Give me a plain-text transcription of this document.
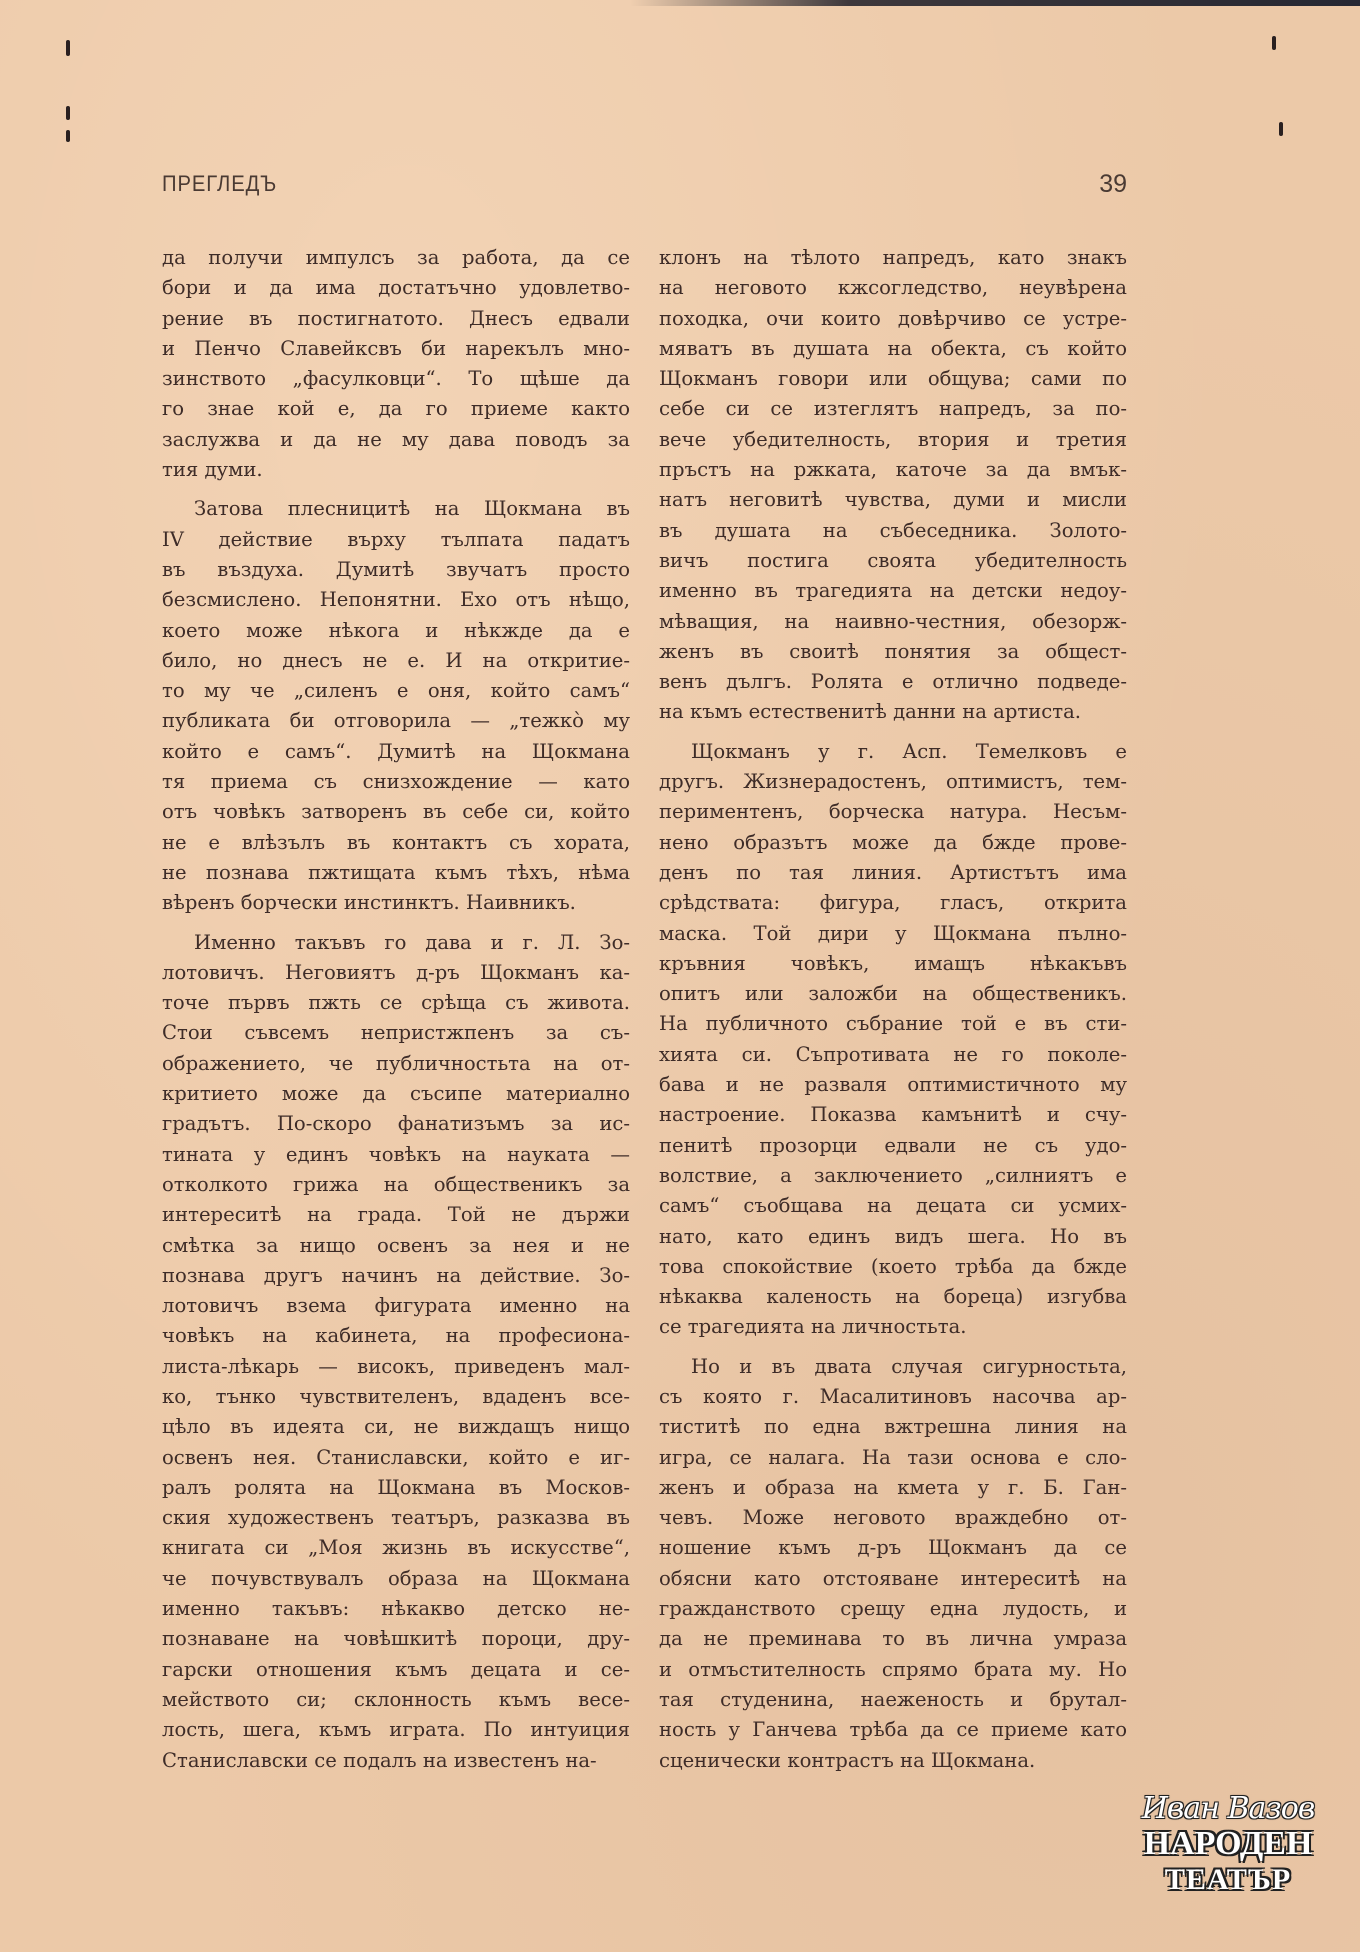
ПРЕГЛЕДЪ	39
да получи импулсъ за работа, да се
бори и да има достатъчно удовлетво-
рение въ постигнатото. Днесъ едвали
и Пенчо Славейксвъ би нарекълъ мно-
зинството „фасулковци“. То щѣше да
го знае кой е, да го приеме както
заслужва и да не му дава поводъ за
тия думи.
Затова плесницитѣ на Щокмана въ
IV действие върху тълпата падатъ
въ въздуха. Думитѣ звучатъ просто
безсмислено. Непонятни. Ехо отъ нѣщо,
което може нѣкога и нѣкжде да е
било, но днесъ не е. И на откритие-
то му че „силенъ е оня, който самъ“
публиката би отговорила — „тежкò му
който е самъ“. Думитѣ на Щокмана
тя приема съ снизхождение — като
отъ човѣкъ затворенъ въ себе си, който
не е влѣзълъ въ контактъ съ хората,
не познава пжтищата къмъ тѣхъ, нѣма
вѣренъ борчески инстинктъ. Наивникъ.
Именно такъвъ го дава и г. Л. Зо-
лотовичъ. Неговиятъ д-ръ Щокманъ ка-
точе първъ пжть се срѣща съ живота.
Стои съвсемъ непристжпенъ за съ-
ображението, че публичностьта на от-
критието може да съсипе материално
градътъ. По-скоро фанатизъмъ за ис-
тината у единъ човѣкъ на науката —
отколкото грижа на общественикъ за
интереситѣ на града. Той не държи
смѣтка за нищо освенъ за нея и не
познава другъ начинъ на действие. Зо-
лотовичъ взема фигурата именно на
човѣкъ на кабинета, на професиона-
листа-лѣкарь — високъ, приведенъ мал-
ко, тънко чувствителенъ, вдаденъ все-
цѣло въ идеята си, не виждащъ нищо
освенъ нея. Станиславски, който е иг-
ралъ ролята на Щокмана въ Москов-
ския художественъ театъръ, разказва въ
книгата си „Моя жизнь въ искусстве“,
че почувствувалъ образа на Щокмана
именно такъвъ: нѣкакво детско не-
познаване на човѣшкитѣ пороци, дру-
гарски отношения къмъ децата и се-
мейството си; склонность къмъ весе-
лость, шега, къмъ играта. По интуиция
Станиславски се подалъ на известенъ на-
клонъ на тѣлото напредъ, като знакъ
на неговото кжсогледство, неувѣрена
походка, очи които довѣрчиво се устре-
мяватъ въ душата на обекта, съ който
Щокманъ говори или общува; сами по
себе си се изтеглятъ напредъ, за по-
вече убедителность, втория и третия
пръстъ на ржката, каточе за да вмък-
натъ неговитѣ чувства, думи и мисли
въ душата на събеседника. Золото-
вичъ постига своята убедителность
именно въ трагедията на детски недоу-
мѣващия, на наивно-честния, обезорж-
женъ въ своитѣ понятия за общест-
венъ дългъ. Ролята е отлично подведе-
на къмъ естественитѣ данни на артиста.
Щокманъ у г. Асп. Темелковъ е
другъ. Жизнерадостенъ, оптимистъ, тем-
периментенъ, борческа натура. Несъм-
нено образътъ може да бжде прове-
денъ по тая линия. Артистътъ има
срѣдствата: фигура, гласъ, открита
маска. Той дири у Щокмана пълно-
кръвния човѣкъ, имащъ нѣкакъвъ
опитъ или заложби на общественикъ.
На публичното събрание той е въ сти-
хията си. Съпротивата не го поколе-
бава и не разваля оптимистичното му
настроение. Показва камънитѣ и счу-
пенитѣ прозорци едвали не съ удо-
волствие, а заключението „силниятъ е
самъ“ съобщава на децата си усмих-
нато, като единъ видъ шега. Но въ
това спокойствие (което трѣба да бжде
нѣкаква каленость на бореца) изгубва
се трагедията на личностьта.
Но и въ двата случая сигурностьта,
съ която г. Масалитиновъ насочва ар-
тиститѣ по една вжтрешна линия на
игра, се налага. На тази основа е сло-
женъ и образа на кмета у г. Б. Ган-
чевъ. Може неговото враждебно от-
ношение къмъ д-ръ Щокманъ да се
обясни като отстояване интереситѣ на
гражданството срещу една лудость, и
да не преминава то въ лична умраза
и отмъстителность спрямо брата му. Но
тая студенина, наеженость и брутал-
ность у Ганчева трѣба да се приеме като
сценически контрастъ на Щокмана.
Иван Вазов
НАРОДЕН
ТЕАТЪР
